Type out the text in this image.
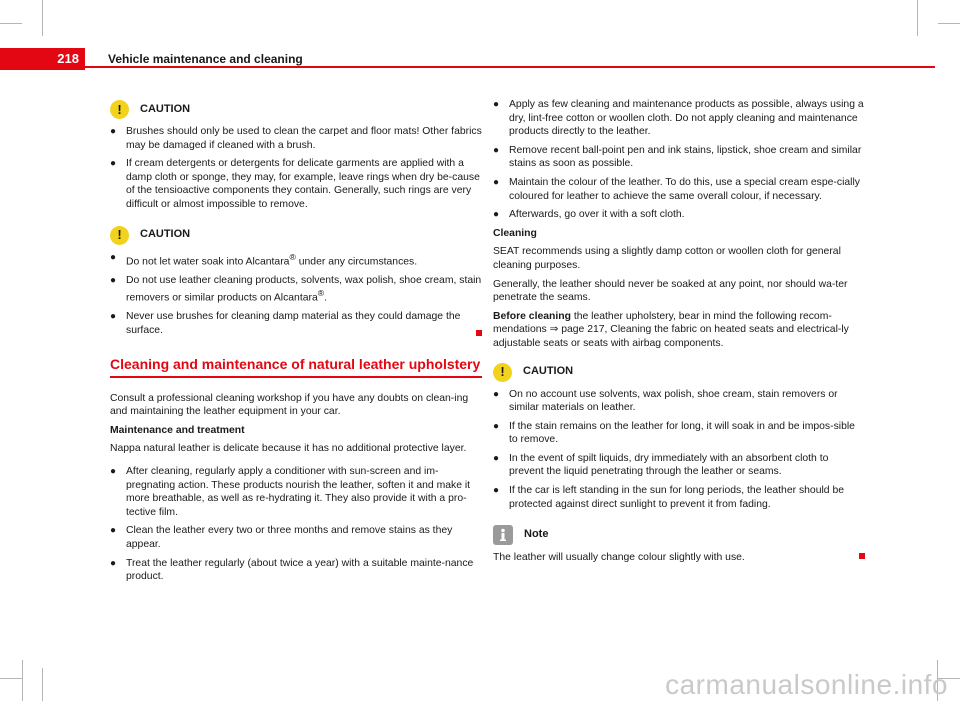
218	Vehicle maintenance and cleaning
!	CAUTION
● Brushes should only be used to clean the carpet and floor mats! Other fabrics may be damaged if cleaned with a brush.
● If cream detergents or detergents for delicate garments are applied with a damp cloth or sponge, they may, for example, leave rings when dry be-cause of the tensioactive components they contain. Generally, such rings are very difficult or almost impossible to remove.
!	CAUTION
● Do not let water soak into Alcantara® under any circumstances.
● Do not use leather cleaning products, solvents, wax polish, shoe cream, stain removers or similar products on Alcantara®.
● Never use brushes for cleaning damp material as they could damage the surface.
Cleaning and maintenance of natural leather upholstery

Consult a professional cleaning workshop if you have any doubts on clean-ing and maintaining the leather equipment in your car.

Maintenance and treatment

Nappa natural leather is delicate because it has no additional protective layer.

● After cleaning, regularly apply a conditioner with sun-screen and im-pregnating action. These products nourish the leather, soften it and make it more breathable, as well as re-hydrating it. They also provide it with a pro-tective film.
● Clean the leather every two or three months and remove stains as they appear.
● Treat the leather regularly (about twice a year) with a suitable mainte-nance product.
● Apply as few cleaning and maintenance products as possible, always using a dry, lint-free cotton or woollen cloth. Do not apply cleaning and maintenance products directly to the leather.
● Remove recent ball-point pen and ink stains, lipstick, shoe cream and similar stains as soon as possible.
● Maintain the colour of the leather. To do this, use a special cream espe-cially coloured for leather to achieve the same overall colour, if necessary.
● Afterwards, go over it with a soft cloth.

Cleaning

SEAT recommends using a slightly damp cotton or woollen cloth for general cleaning purposes.

Generally, the leather should never be soaked at any point, nor should wa-ter penetrate the seams.

Before cleaning the leather upholstery, bear in mind the following recom-mendations ⇒ page 217, Cleaning the fabric on heated seats and electrical-ly adjustable seats or seats with airbag components.

!	CAUTION
● On no account use solvents, wax polish, shoe cream, stain removers or similar materials on leather.
● If the stain remains on the leather for long, it will soak in and be impos-sible to remove.
● In the event of spilt liquids, dry immediately with an absorbent cloth to prevent the liquid penetrating through the leather or seams.
● If the car is left standing in the sun for long periods, the leather should be protected against direct sunlight to prevent it from fading.
Note
The leather will usually change colour slightly with use.
carmanualsonline.info
